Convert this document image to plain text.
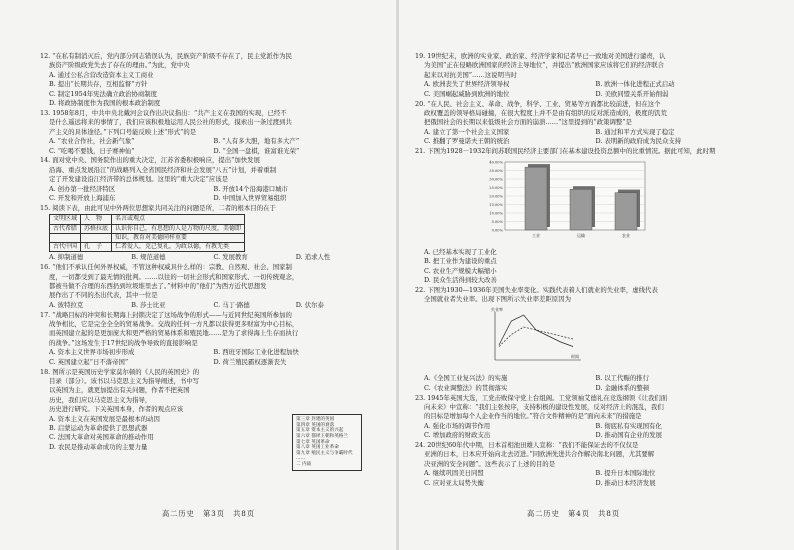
12. “在私有制消灭后，党内部分同志错误认为，民族资产阶级不存在了，民主党派作为民

族资产阶级政党失去了存在的理由。”为此，党中央

A. 通过公私合营改造资本主义工商业
B. 提出“长期共存，互相监督”方针
C. 制定1954年宪法确立政治协商制度
D. 将政协制度作为我国的根本政治制度

13. 1958年8月，中共中央北戴河会议作出决议指出：“共产主义在我国的实现，已经不

是什么遥远将来的事情了，我们应该积极地运用人民公社的形式，摸索出一条过渡到共

产主义的具体途径。”下列口号能反映上述“形式”的是

A. “农业合作社，社会新气象”	B. “人有多大胆，地有多大产”
C. “吃喝不要钱，日子赛神仙”	D. “全国一盘棋，谁富谁光荣”

14. 面对党中央、国务院作出的重大决定，江苏省委积极响应，提出“加快发展

沿海、重点发展沿江”的战略列入全省国民经济和社会发展“八五”计划，并着重制

定了开发建设沿江经济带的总体规划。这里的“重大决定”应该是

A. 创办第一批经济特区	B. 开放14个沿海港口城市
C. 开发和开放上海浦东	D. 中国加入世界贸易组织

15. 阅读下表，由此可见中外两位思想家共同关注的问题是所，二者的根本目的在于

文明区域	人　物	名言或观点
古代希腊	苏格拉底	认识你自己，有思想的人是万物的尺度，美德即
		知识，教育对美德同样重要
古代中国	孔　子	仁者爱人，克己复礼，为政以德，有教无类
A. 抑制道德	B. 规范道德	C. 发展教育	D. 追求人性

16. “他们不承认任何外界权威，不管这种权威具什么样的：宗教、自然观、社会、国家制

度，一切都受到了最无情的批判。……以往的一切社会形式和国家形式、一切传统观念，

都被当做不合理的东西扔到垃圾堆里去了。”材料中的“他们”为西方近代思想发

展作出了不同的杰出代表，其中一位是

A. 彼特拉克	B. 莎士比亚	C. 马丁·路德	D. 伏尔泰

17. “战略目标的冲突和长期海上封锁决定了这场战争的形式——与近同世纪英国所参加的

战争相比，它是完全全全的贸易战争。交战的任何一方凡都以获得更多财富为中心目标，

而英国建立起的是更加庞大和更严格的贸易体系和殖民地……是为了求得海上生存而执行

的战争。”这场发生于17世纪的战争导致的直接影响是

A. 资本主义世界市场初步形成	B. 西班牙国际工业化进程加快
C. 英国建立起“日不落帝国”	D. 荷兰殖民霸权逐渐丧失

18. 图所示是英国历史学家莫尔顿的《人民的英国史》的

目录（部分）。该书以马克思主义为指导阐述，书中写

以英国为主，就更加提出有关问题，作者不把英国

历史，我们应以马克思主义为指导，

历史进行研究。下关英国本身，作者的观点应该

A. 资本主义在英国发展是最根本的动因
B. 启蒙运动为革命提供了思想武器
C. 法国大革命对英国革命的推动作用
D. 农民是推动革命成功的主要力量
第三章 封建的英国
第四章 英国的衰落
第五章 资本主义的兴起
第六章 都铎王朝和英格兰
第七章 英国革命
第八章 英国工业革命
第九章 殖民主义与争霸时代
……
二 内战
高二历史　第3页　共8页

19. 19世纪末，欧洲的实业家、政治家、经济学家和记者早已一致地对美国进行谴责，认

为美国“正在侵略欧洲国家的经济主导地位”，并提出“欧洲国家应该将它们的经济联合

起来以对抗美国”……这说明当时

A. 欧洲丧失了世界经济领导权	B. 欧洲一体化进程正式启动
C. 美国崛起威胁到欧洲的地位	D. 美欧同盟关系开始削弱

20. “在人民、社会主义、革命、战争，科学、工业、贸易等方面都比较前进，但在这个

政权覆盖的领导格局碰撞，在很大程度上并不是由有组织的反对派造成的，极度的饥荒

把俄国社会的长期以来低级社会方面的崩溃……”这里提到的“政策调整”是

A. 建立了第一个社会主义国家	B. 通过和平方式实现了稳定
C. 推翻了罗曼诺夫王朝的统治	D. 表明新的政府成为民众支持

21. 下图为1928－1932年间苏联国民经济主要部门在基本建设投资总额中的比重情况。据此可知，此时期

40.00%
35.00%
30.00%
25.00%
20.00%
15.00%
10.00%
5.00%
0.00%
工业	运输	农业

A. 已经基本实现了工业化

B. 把工业作为建设的重点

C. 农业生产规模大幅缩小

D. 民众生活得到较大改善

22. 下图为1930—1936年美国失业率变化。实践代表着人们就业的失业率，虚线代表

全国就业者失业率。出现下图所示失业率差距原因为

失业率
时间
A.《全国工业复兴法》的实施	B. 以工代赈的推行
C.《农业调整法》的贯彻落实	D. 金融体系的整顿

23. 1945年英国大选，工党击败保守党上台组阁。工党领袖艾德礼在竞选纲领《让我们面

向未来》中宣称：“我们主张按序，支持积极的建设性发展，反对经济上的混乱，我们

的目标是增加每个人企业作当的地位。”符合文件精神的是“面向未来”的措施是

A. 强化市场的调节作用	B. 彻底私有实现国有化
C. 增加政府的财政支出	D. 推动国有企业的发展

24. 20世纪60年代中期，日本首相池田雄人宣称：“我们不能保证去的不仅仅是

亚洲的日本，日本应开始向北去迈进。”同欧洲先进共合作解决南北问题，尤其要解

决亚洲的安全问题”。这些表示了上述的目的是

A. 继续巩固美日同盟	B. 提升日本国际地位
C. 应对亚太局势失衡	D. 推动日本经济发展
高二历史　第4页　共8页
